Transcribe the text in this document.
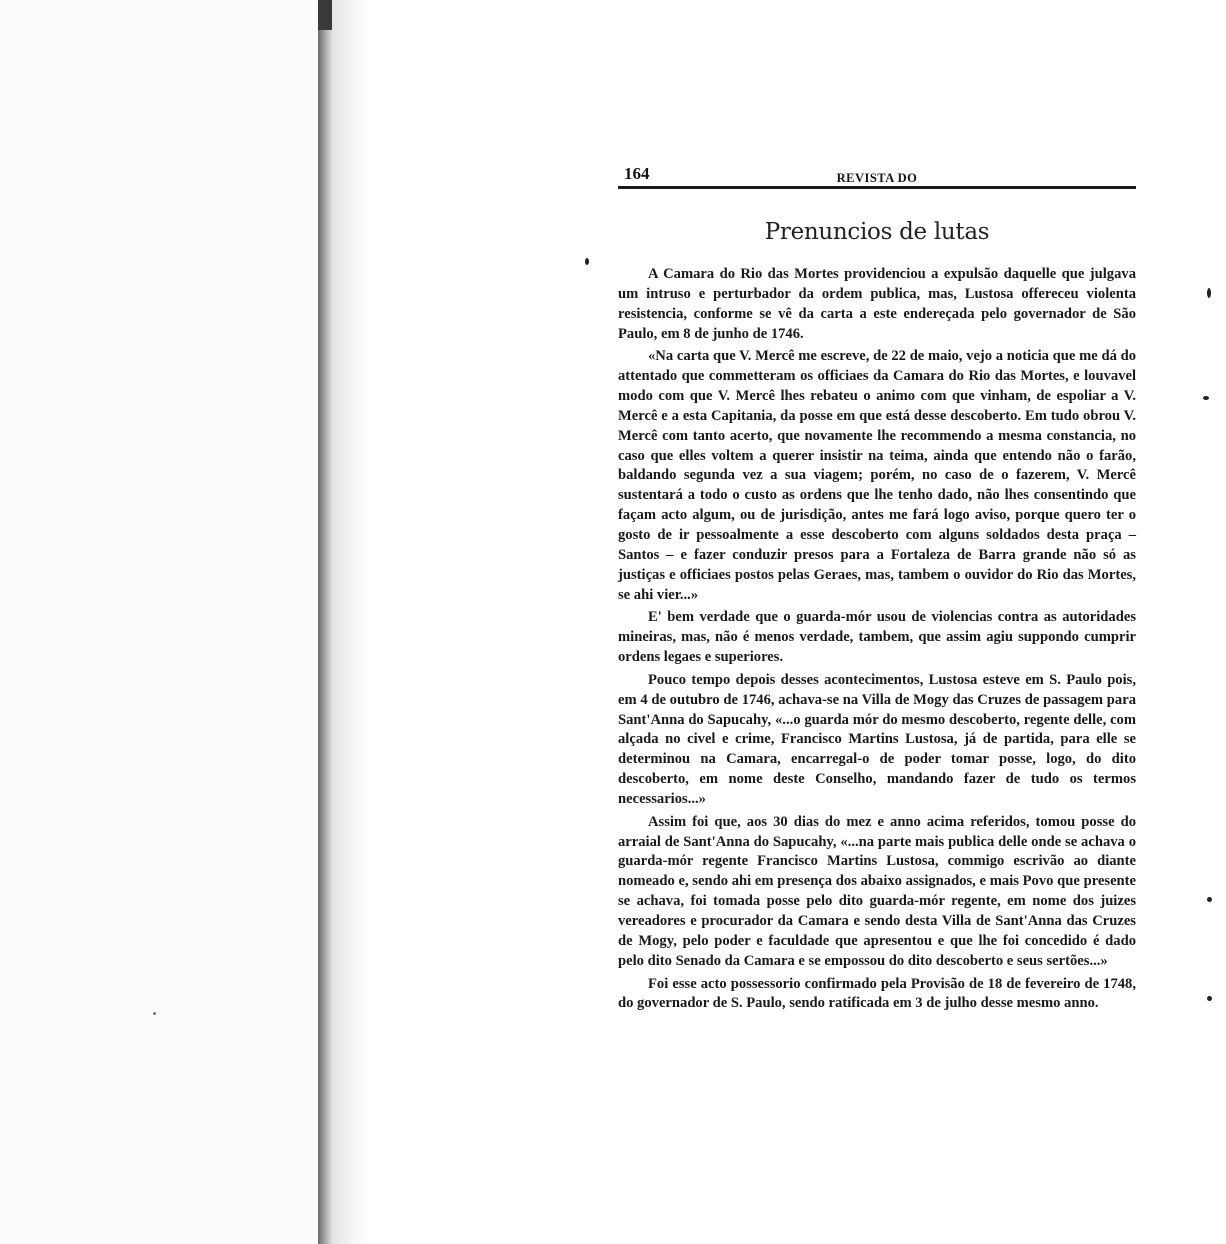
164	REVISTA DO
Prenuncios de lutas

A Camara do Rio das Mortes providenciou a expulsão daquelle que julgava um intruso e perturbador da ordem publica, mas, Lustosa offereceu violenta resistencia, conforme se vê da carta a este endereçada pelo governador de São Paulo, em 8 de junho de 1746.

«Na carta que V. Mercê me escreve, de 22 de maio, vejo a noticia que me dá do attentado que commetteram os officiaes da Camara do Rio das Mortes, e louvavel modo com que V. Mercê lhes rebateu o animo com que vinham, de espoliar a V. Mercê e a esta Capitania, da posse em que está desse descoberto. Em tudo obrou V. Mercê com tanto acerto, que novamente lhe recommendo a mesma constancia, no caso que elles voltem a querer insistir na teima, ainda que entendo não o farão, baldando segunda vez a sua viagem; porém, no caso de o fazerem, V. Mercê sustentará a todo o custo as ordens que lhe tenho dado, não lhes consentindo que façam acto algum, ou de jurisdição, antes me fará logo aviso, porque quero ter o gosto de ir pessoalmente a esse descoberto com alguns soldados desta praça – Santos – e fazer conduzir presos para a Fortaleza de Barra grande não só as justiças e officiaes postos pelas Geraes, mas, tambem o ouvidor do Rio das Mortes, se ahi vier...»

E' bem verdade que o guarda-mór usou de violencias contra as autoridades mineiras, mas, não é menos verdade, tambem, que assim agiu suppondo cumprir ordens legaes e superiores.

Pouco tempo depois desses acontecimentos, Lustosa esteve em S. Paulo pois, em 4 de outubro de 1746, achava-se na Villa de Mogy das Cruzes de passagem para Sant'Anna do Sapucahy, «...o guarda mór do mesmo descoberto, regente delle, com alçada no civel e crime, Francisco Martins Lustosa, já de partida, para elle se determinou na Camara, encarregal-o de poder tomar posse, logo, do dito descoberto, em nome deste Conselho, mandando fazer de tudo os termos necessarios...»

Assim foi que, aos 30 dias do mez e anno acima referidos, tomou posse do arraial de Sant'Anna do Sapucahy, «...na parte mais publica delle onde se achava o guarda-mór regente Francisco Martins Lustosa, commigo escrivão ao diante nomeado e, sendo ahi em presença dos abaixo assignados, e mais Povo que presente se achava, foi tomada posse pelo dito guarda-mór regente, em nome dos juizes vereadores e procurador da Camara e sendo desta Villa de Sant'Anna das Cruzes de Mogy, pelo poder e faculdade que apresentou e que lhe foi concedido é dado pelo dito Senado da Camara e se empossou do dito descoberto e seus sertões...»

Foi esse acto possessorio confirmado pela Provisão de 18 de fevereiro de 1748, do governador de S. Paulo, sendo ratificada em 3 de julho desse mesmo anno.
